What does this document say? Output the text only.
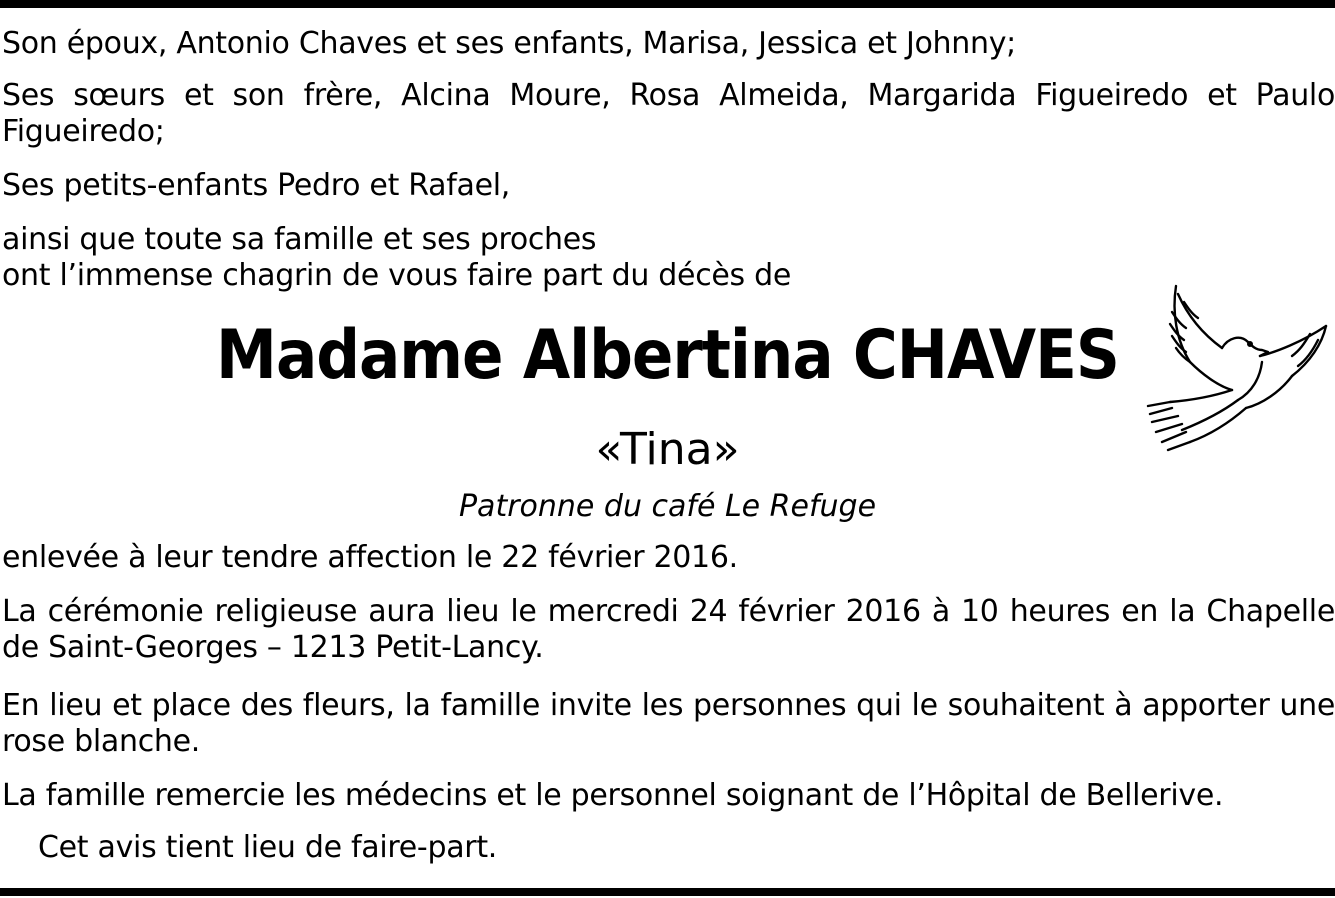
Son époux, Antonio Chaves et ses enfants, Marisa, Jessica et Johnny;

Ses sœurs et son frère, Alcina Moure, Rosa Almeida, Margarida Figueiredo et Paulo Figueiredo;

Ses petits-enfants Pedro et Rafael,

ainsi que toute sa famille et ses proches

ont l’immense chagrin de vous faire part du décès de

Madame Albertina CHAVES

«Tina»

Patronne du café Le Refuge

enlevée à leur tendre affection le 22 février 2016.

La cérémonie religieuse aura lieu le mercredi 24 février 2016 à 10 heures en la Chapelle de Saint-Georges – 1213 Petit-Lancy.

En lieu et place des fleurs, la famille invite les personnes qui le souhaitent à apporter une rose blanche.

La famille remercie les médecins et le personnel soignant de l’Hôpital de Bellerive.

Cet avis tient lieu de faire-part.
